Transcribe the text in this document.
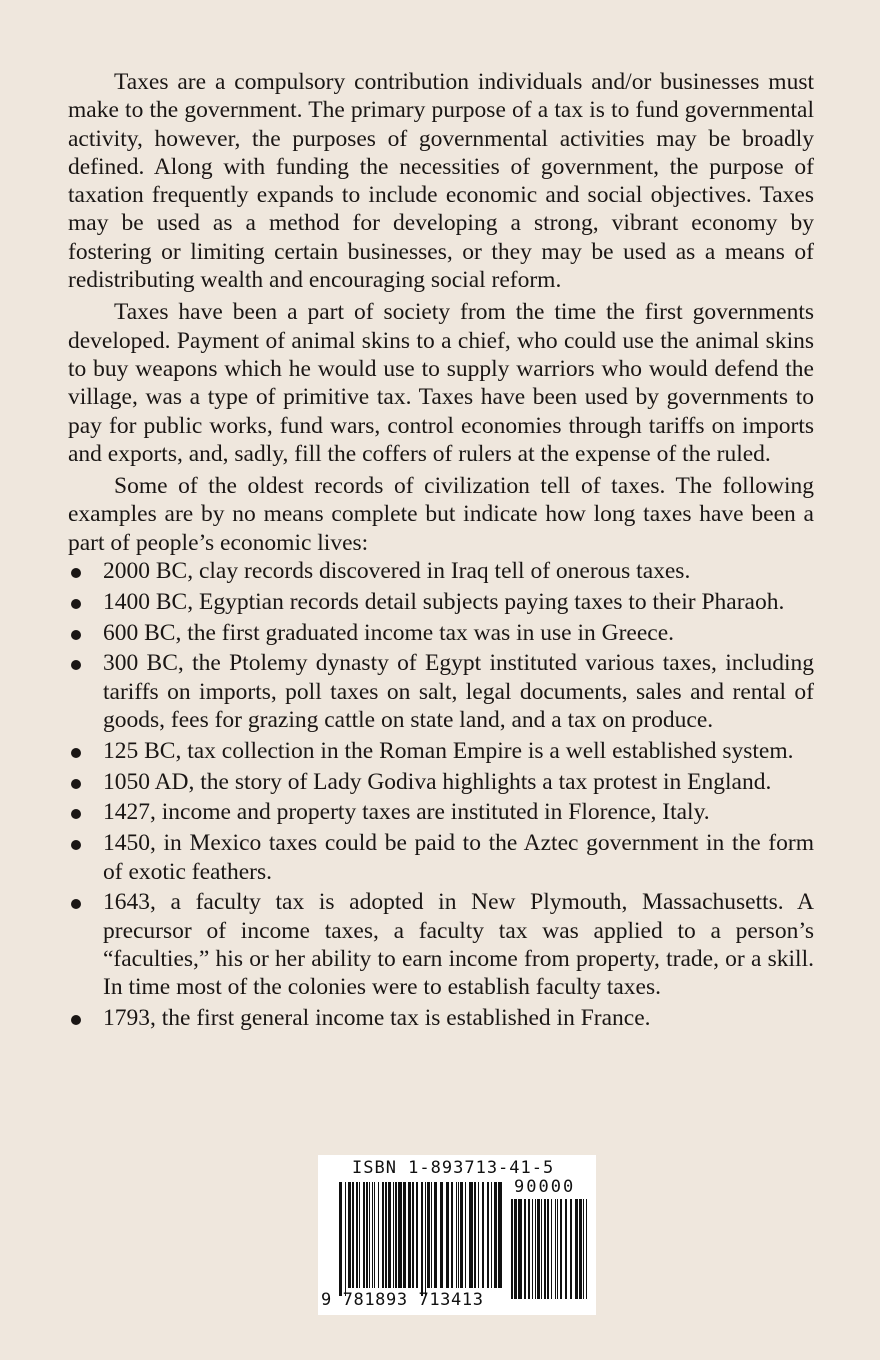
Taxes are a compulsory contribution individuals and/or businesses must make to the government. The primary purpose of a tax is to fund governmental activity, however, the purposes of governmental activities may be broadly defined. Along with funding the necessities of government, the purpose of taxation frequently expands to include economic and social objectives. Taxes may be used as a method for developing a strong, vibrant economy by fostering or limiting certain businesses, or they may be used as a means of redistributing wealth and encouraging social reform.

Taxes have been a part of society from the time the first governments developed. Payment of animal skins to a chief, who could use the animal skins to buy weapons which he would use to supply warriors who would defend the village, was a type of primitive tax. Taxes have been used by governments to pay for public works, fund wars, control economies through tariffs on imports and exports, and, sadly, fill the coffers of rulers at the expense of the ruled.

Some of the oldest records of civilization tell of taxes. The following examples are by no means complete but indicate how long taxes have been a part of people’s economic lives:

2000 BC, clay records discovered in Iraq tell of onerous taxes.
1400 BC, Egyptian records detail subjects paying taxes to their Pharaoh.
600 BC, the first graduated income tax was in use in Greece.
300 BC, the Ptolemy dynasty of Egypt instituted various taxes, including tariffs on imports, poll taxes on salt, legal documents, sales and rental of goods, fees for grazing cattle on state land, and a tax on produce.
125 BC, tax collection in the Roman Empire is a well established system.
1050 AD, the story of Lady Godiva highlights a tax protest in England.
1427, income and property taxes are instituted in Florence, Italy.
1450, in Mexico taxes could be paid to the Aztec government in the form of exotic feathers.
1643, a faculty tax is adopted in New Plymouth, Massachusetts. A precursor of income taxes, a faculty tax was applied to a person’s “faculties,” his or her ability to earn income from property, trade, or a skill. In time most of the colonies were to establish faculty taxes.
1793, the first general income tax is established in France.
ISBN 1-893713-41-5
90000
9 781893 713413
